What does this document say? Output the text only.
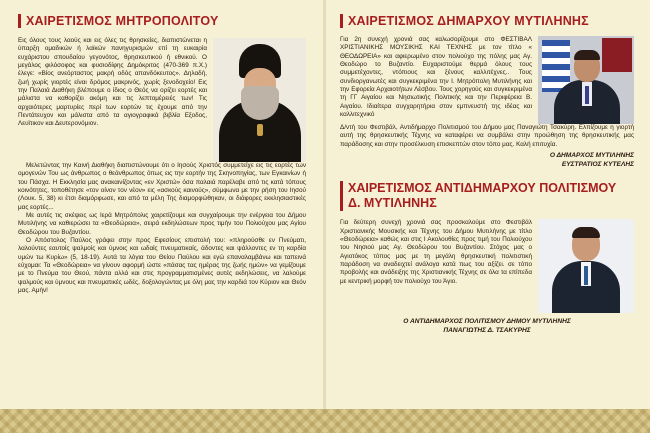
ΧΑΙΡΕΤΙΣΜΟΣ ΜΗΤΡΟΠΟΛΙΤΟΥ

Εις όλους τους λαούς και εις όλες τις θρησκείες, διαπιστώνεται η ύπαρξη ομαδικών ή λαϊκών πανηγυρισμών επί τη ευκαιρία ευχάριστου σπουδαίου γεγονότος, θρησκευτικού ή εθνικού. Ο μεγάλος φιλόσοφος και φυσιοδίφης Δημόκριτος (470-369 π.Χ.) έλεγε: «Βίος ανεόρταστος μακρή οδός απανδόκευτος». Δηλαδή, ζωή χωρίς γιορτές είναι δρόμος μακρινός, χωρίς ξενοδοχείο! Εις την Παλαιά Διαθήκη βλέπουμε ο ίδιος ο Θεός να ορίζει εορτές και μάλιστα να καθορίζει ακόμη και τις λεπτομέρειές των! Τις αρχαιότερες μαρτυρίες περί των εορτών τις έχουμε από την Πεντάτευχον και μάλιστα από τα αγιογραφικά βιβλία Εξοδος, Λευϊτικον και Δευτερονόμιον.

Μελετώντας την Καινή Διαθήκη διαπιστώνουμε ότι ο Ιησούς Χριστός συμμετείχε εις τις εορτές των ομογενών Του ως άνθρωπος ο θεάνθρωπος όπως εις την εορτήν της Σκηνοπηγίας, των Εγκαινίων ή του Πάσχα. Η Εκκλησία μας ανακαινίζοντας «εν Χριστώ» όσα παλαιά παρέλαβε από τις κατά τόπους κοινότητες, τοποθέτησε «τον οίνον τον νέον» εις «ασκούς καινούς», σύμφωνα με την ρήση του Ιησού (Λουκ. 5, 38) κι έτσι διαμόρφωσε, και από τα μέλη Της διαμορφώθηκαν, οι διάφορες εκκλησιαστικές μας εορτές...

Με αυτές τις σκέψεις ως Ιερά Μητρόπολις χαιρετίζουμε και συγχαίρουμε την ενέργεια του Δήμου Μυτιλήνης να καθιερώσει τα «Θεοδώρεια», σειρά εκδηλώσεων προς τιμήν του Πολιούχου μας Αγίου Θεοδώρου του Βυζαντίου.

Ο Απόστολος Παύλος γράφει στην προς Εφεσίους επιστολή του: «πληρούσθε εν Πνεύματι, λαλούντες εαυτοίς ψαλμοίς και ύμνοις και ωδαίς πνευματικαίς, άδοντες και ψάλλοντες εν τη καρδία υμών τω Κυρίω» (5, 18-19). Αυτά τα λόγια του Θείου Παύλου και εγώ επαναλαμβάνω και ταπεινά εύχομαι: Τα «Θεοδώρεια» να γίνουν αφορμή ώστε «πάσας τας ημέρας της ζωής ημών» να γεμίζουμε με το Πνεύμα του Θεού, πάντα αλλά και στις προγραμματισμένες αυτές εκδηλώσεις, να λαλούμε ψαλμούς και ύμνους και πνευματικές ωδές, δοξολογώντας με όλη μας την καρδιά τον Κύριον και Θεόν μας. Αμήν!

ΧΑΙΡΕΤΙΣΜΟΣ ΔΗΜΑΡΧΟΥ ΜΥΤΙΛΗΝΗΣ

Για 2η συνεχή χρονιά σας καλωσορίζουμε στο ΦΕΣΤΙΒΑΛ ΧΡΙΣΤΙΑΝΙΚΗΣ ΜΟΥΣΙΚΗΣ ΚΑΙ ΤΕΧΝΗΣ με τον τίτλο « ΘΕΟΔΩΡΕΙΑ» και αφιερωμένο στον πολιούχο της πόλης μας Αγ. Θεοδώρο το Βυζαντίο. Ευχαριστούμε θερμά όλους τους συμμετέχοντες, ντόπιους και ξένους καλλιτέχνες.. Τους συνδιοργανωτές και συγκεκριμένα την Ι. Μητρόπολη Μυτιλήνης και την Εφορεία Αρχαιοτήτων Λέσβου. Τους χορηγούς και συγκεκριμένα τη ΓΓ Αιγαίου και Νησιωτικής Πολιτικής και την Περιφέρεια Β. Αιγαίου. Ιδιαίτερα συγχαρητήρια στον εμπνευστή της ιδέας και καλλιτεχνικό

Δ/ντή του Φεστιβάλ, Αντιδήμαρχο Πολιτισμού του Δήμου μας Παναγιώτη Τσακύρη. Ελπίζουμε η γιορτή αυτή της θρησκευτικής Τέχνης να καταφέρει να συμβάλει στην προώθηση της θρησκευτικής μας παράδοσης και στην προσέλκυση επισκεπτών στον τόπο μας. Καλή επιτυχία.

Ο ΔΗΜΑΡΧΟΣ ΜΥΤΙΛΗΝΗΣ
ΕΥΣΤΡΑΤΙΟΣ ΚΥΤΕΛΗΣ
ΧΑΙΡΕΤΙΣΜΟΣ ΑΝΤΙΔΗΜΑΡΧΟΥ ΠΟΛΙΤΙΣΜΟΥ
Δ. ΜΥΤΙΛΗΝΗΣ

Για δεύτερη συνεχή χρονιά σας προσκαλούμε στο Φεστιβάλ Χριστιανικής Μουσικής και Τέχνης του Δήμου Μυτιλήνης με τίτλο «Θεοδώρεια» καθώς και στις Ι Ακολουθίες προς τιμή του Πολιούχου του Νησιού μας Αγ. Θεοδώρου του Βυζαντίου. Στόχος μας ο Αγιοτόκος τόπος μας με τη μεγάλη θρησκευτική πολιτιστική παράδοση να αναδειχτεί ανάλογα κατά πως του αξίζει. σε τόπο προβολής και ανάδειξης της Χριστιανικής Τέχνης σε όλα τα επίπεδα με κεντρική μορφή τον πολιούχο του Άγιο.

Ο ΑΝΤΙΔΗΜΑΡΧΟΣ ΠΟΛΙΤΙΣΜΟΥ ΔΗΜΟΥ ΜΥΤΙΛΗΝΗΣ
ΠΑΝΑΓΙΩΤΗΣ Δ. ΤΣΑΚΥΡΗΣ
